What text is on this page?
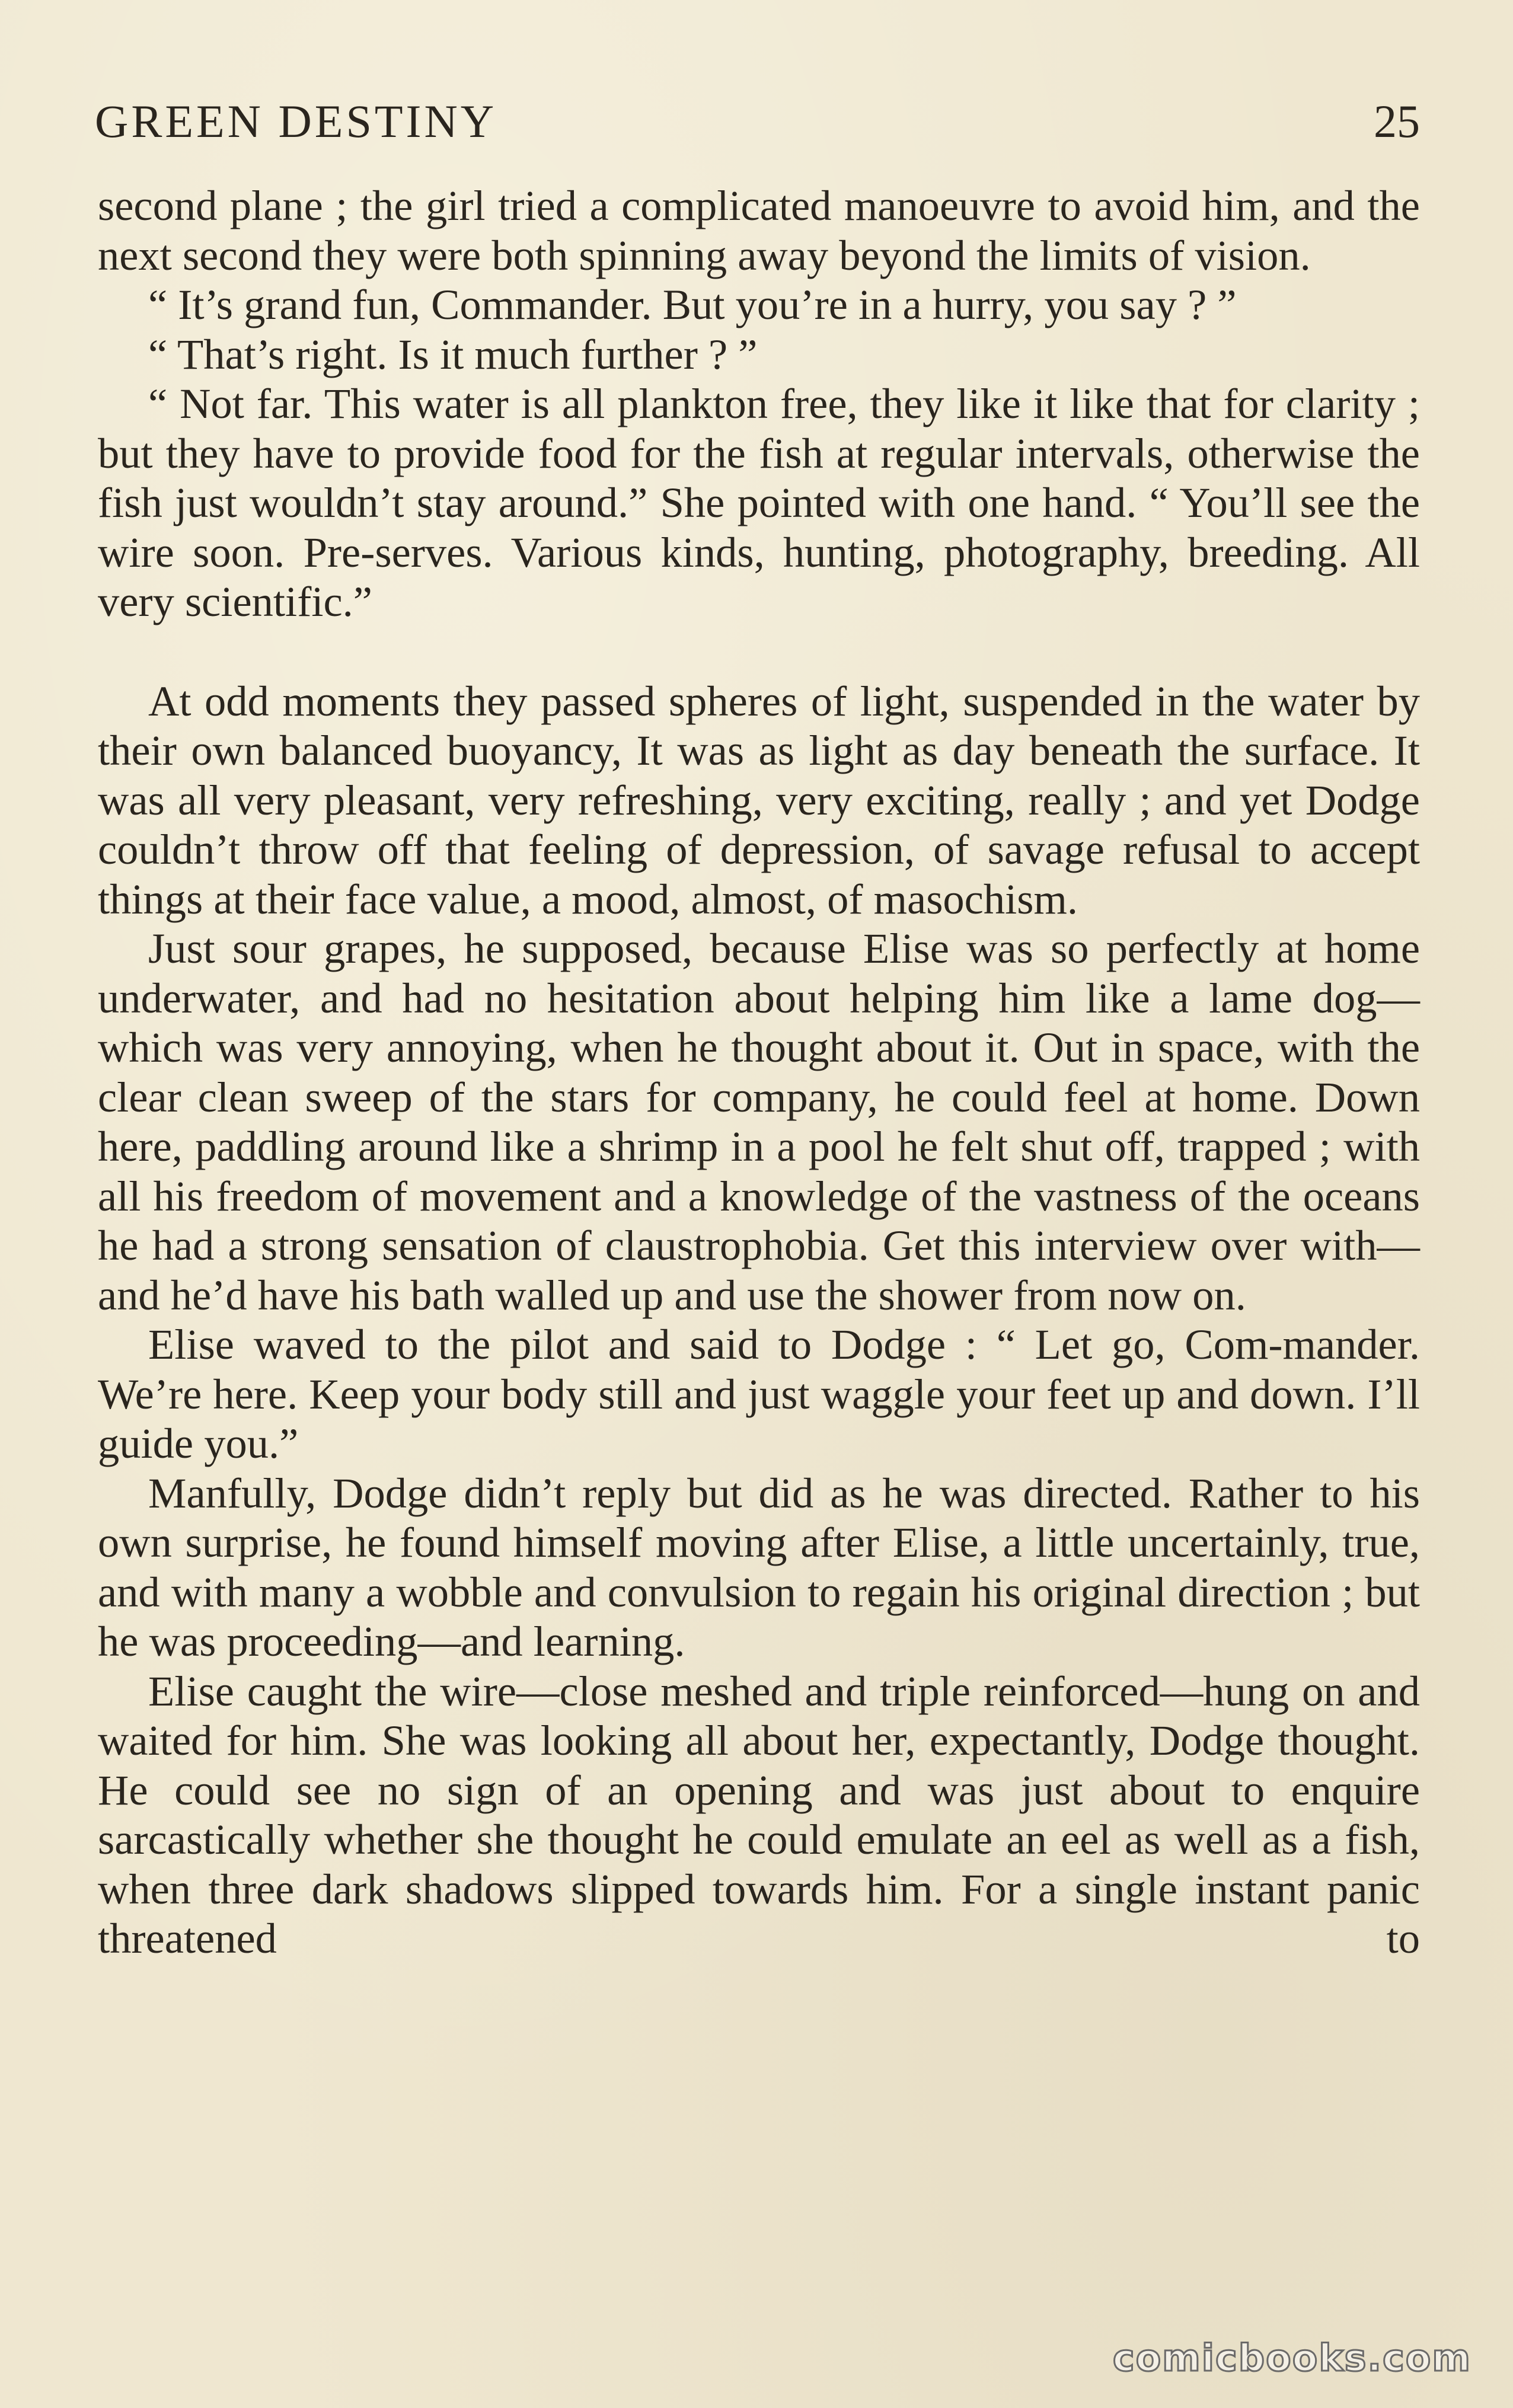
GREEN DESTINY	25

second plane ; the girl tried a complicated manoeuvre to avoid him, and the next second they were both spinning away beyond the limits of vision.

“ It’s grand fun, Commander. But you’re in a hurry, you say ? ”

“ That’s right. Is it much further ? ”

“ Not far. This water is all plankton free, they like it like that for clarity ; but they have to provide food for the fish at regular intervals, otherwise the fish just wouldn’t stay around.” She pointed with one hand. “ You’ll see the wire soon. Pre-serves. Various kinds, hunting, photography, breeding. All very scientific.”

At odd moments they passed spheres of light, suspended in the water by their own balanced buoyancy, It was as light as day beneath the surface. It was all very pleasant, very refreshing, very exciting, really ; and yet Dodge couldn’t throw off that feeling of depression, of savage refusal to accept things at their face value, a mood, almost, of masochism.

Just sour grapes, he supposed, because Elise was so perfectly at home underwater, and had no hesitation about helping him like a lame dog—which was very annoying, when he thought about it. Out in space, with the clear clean sweep of the stars for company, he could feel at home. Down here, paddling around like a shrimp in a pool he felt shut off, trapped ; with all his freedom of movement and a knowledge of the vastness of the oceans he had a strong sensation of claustrophobia. Get this interview over with—and he’d have his bath walled up and use the shower from now on.

Elise waved to the pilot and said to Dodge : “ Let go, Com-mander. We’re here. Keep your body still and just waggle your feet up and down. I’ll guide you.”

Manfully, Dodge didn’t reply but did as he was directed. Rather to his own surprise, he found himself moving after Elise, a little uncertainly, true, and with many a wobble and convulsion to regain his original direction ; but he was proceeding—and learning.

Elise caught the wire—close meshed and triple reinforced—hung on and waited for him. She was looking all about her, expectantly, Dodge thought. He could see no sign of an opening and was just about to enquire sarcastically whether she thought he could emulate an eel as well as a fish, when three dark shadows slipped towards him. For a single instant panic threatened to

comicbooks.com
